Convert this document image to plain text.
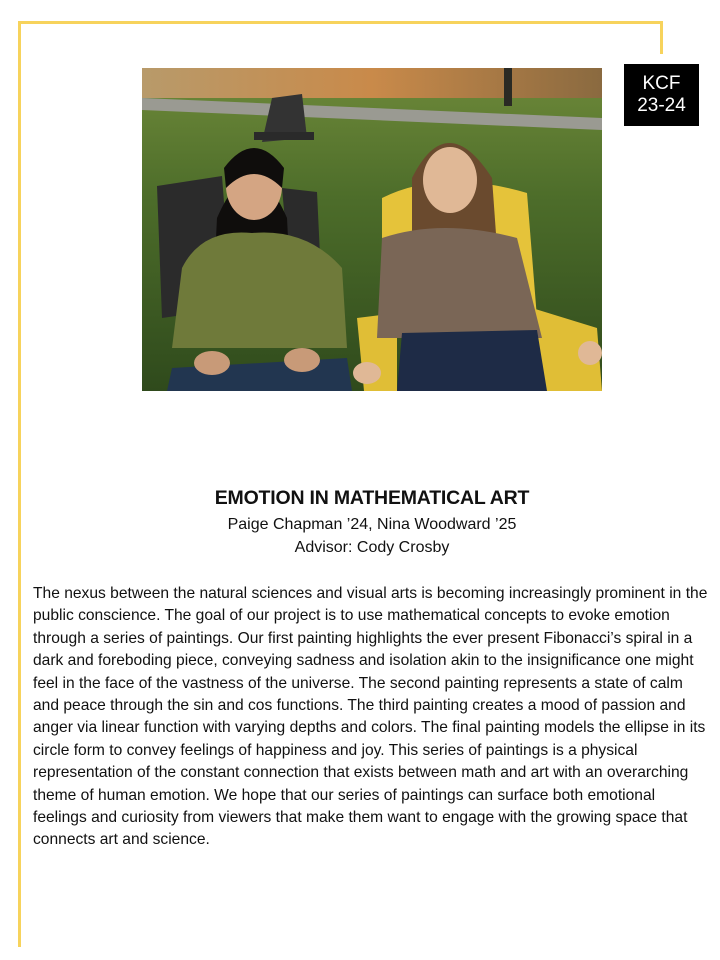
KCF
23-24
EMOTION IN MATHEMATICAL ART
Paige Chapman ’24, Nina Woodward ’25
Advisor: Cody Crosby

The nexus between the natural sciences and visual arts is becoming increasingly prominent in the public conscience. The goal of our project is to use mathematical concepts to evoke emotion through a series of paintings. Our first painting highlights the ever present Fibonacci’s spiral in a dark and foreboding piece, conveying sadness and isolation akin to the insignificance one might feel in the face of the vastness of the universe. The second painting represents a state of calm and peace through the sin and cos functions. The third painting creates a mood of passion and anger via linear function with varying depths and colors. The final painting models the ellipse in its circle form to convey feelings of happiness and joy. This series of paintings is a physical representation of the constant connection that exists between math and art with an overarching theme of human emotion. We hope that our series of paintings can surface both emotional feelings and curiosity from viewers that make them want to engage with the growing space that connects art and science.
